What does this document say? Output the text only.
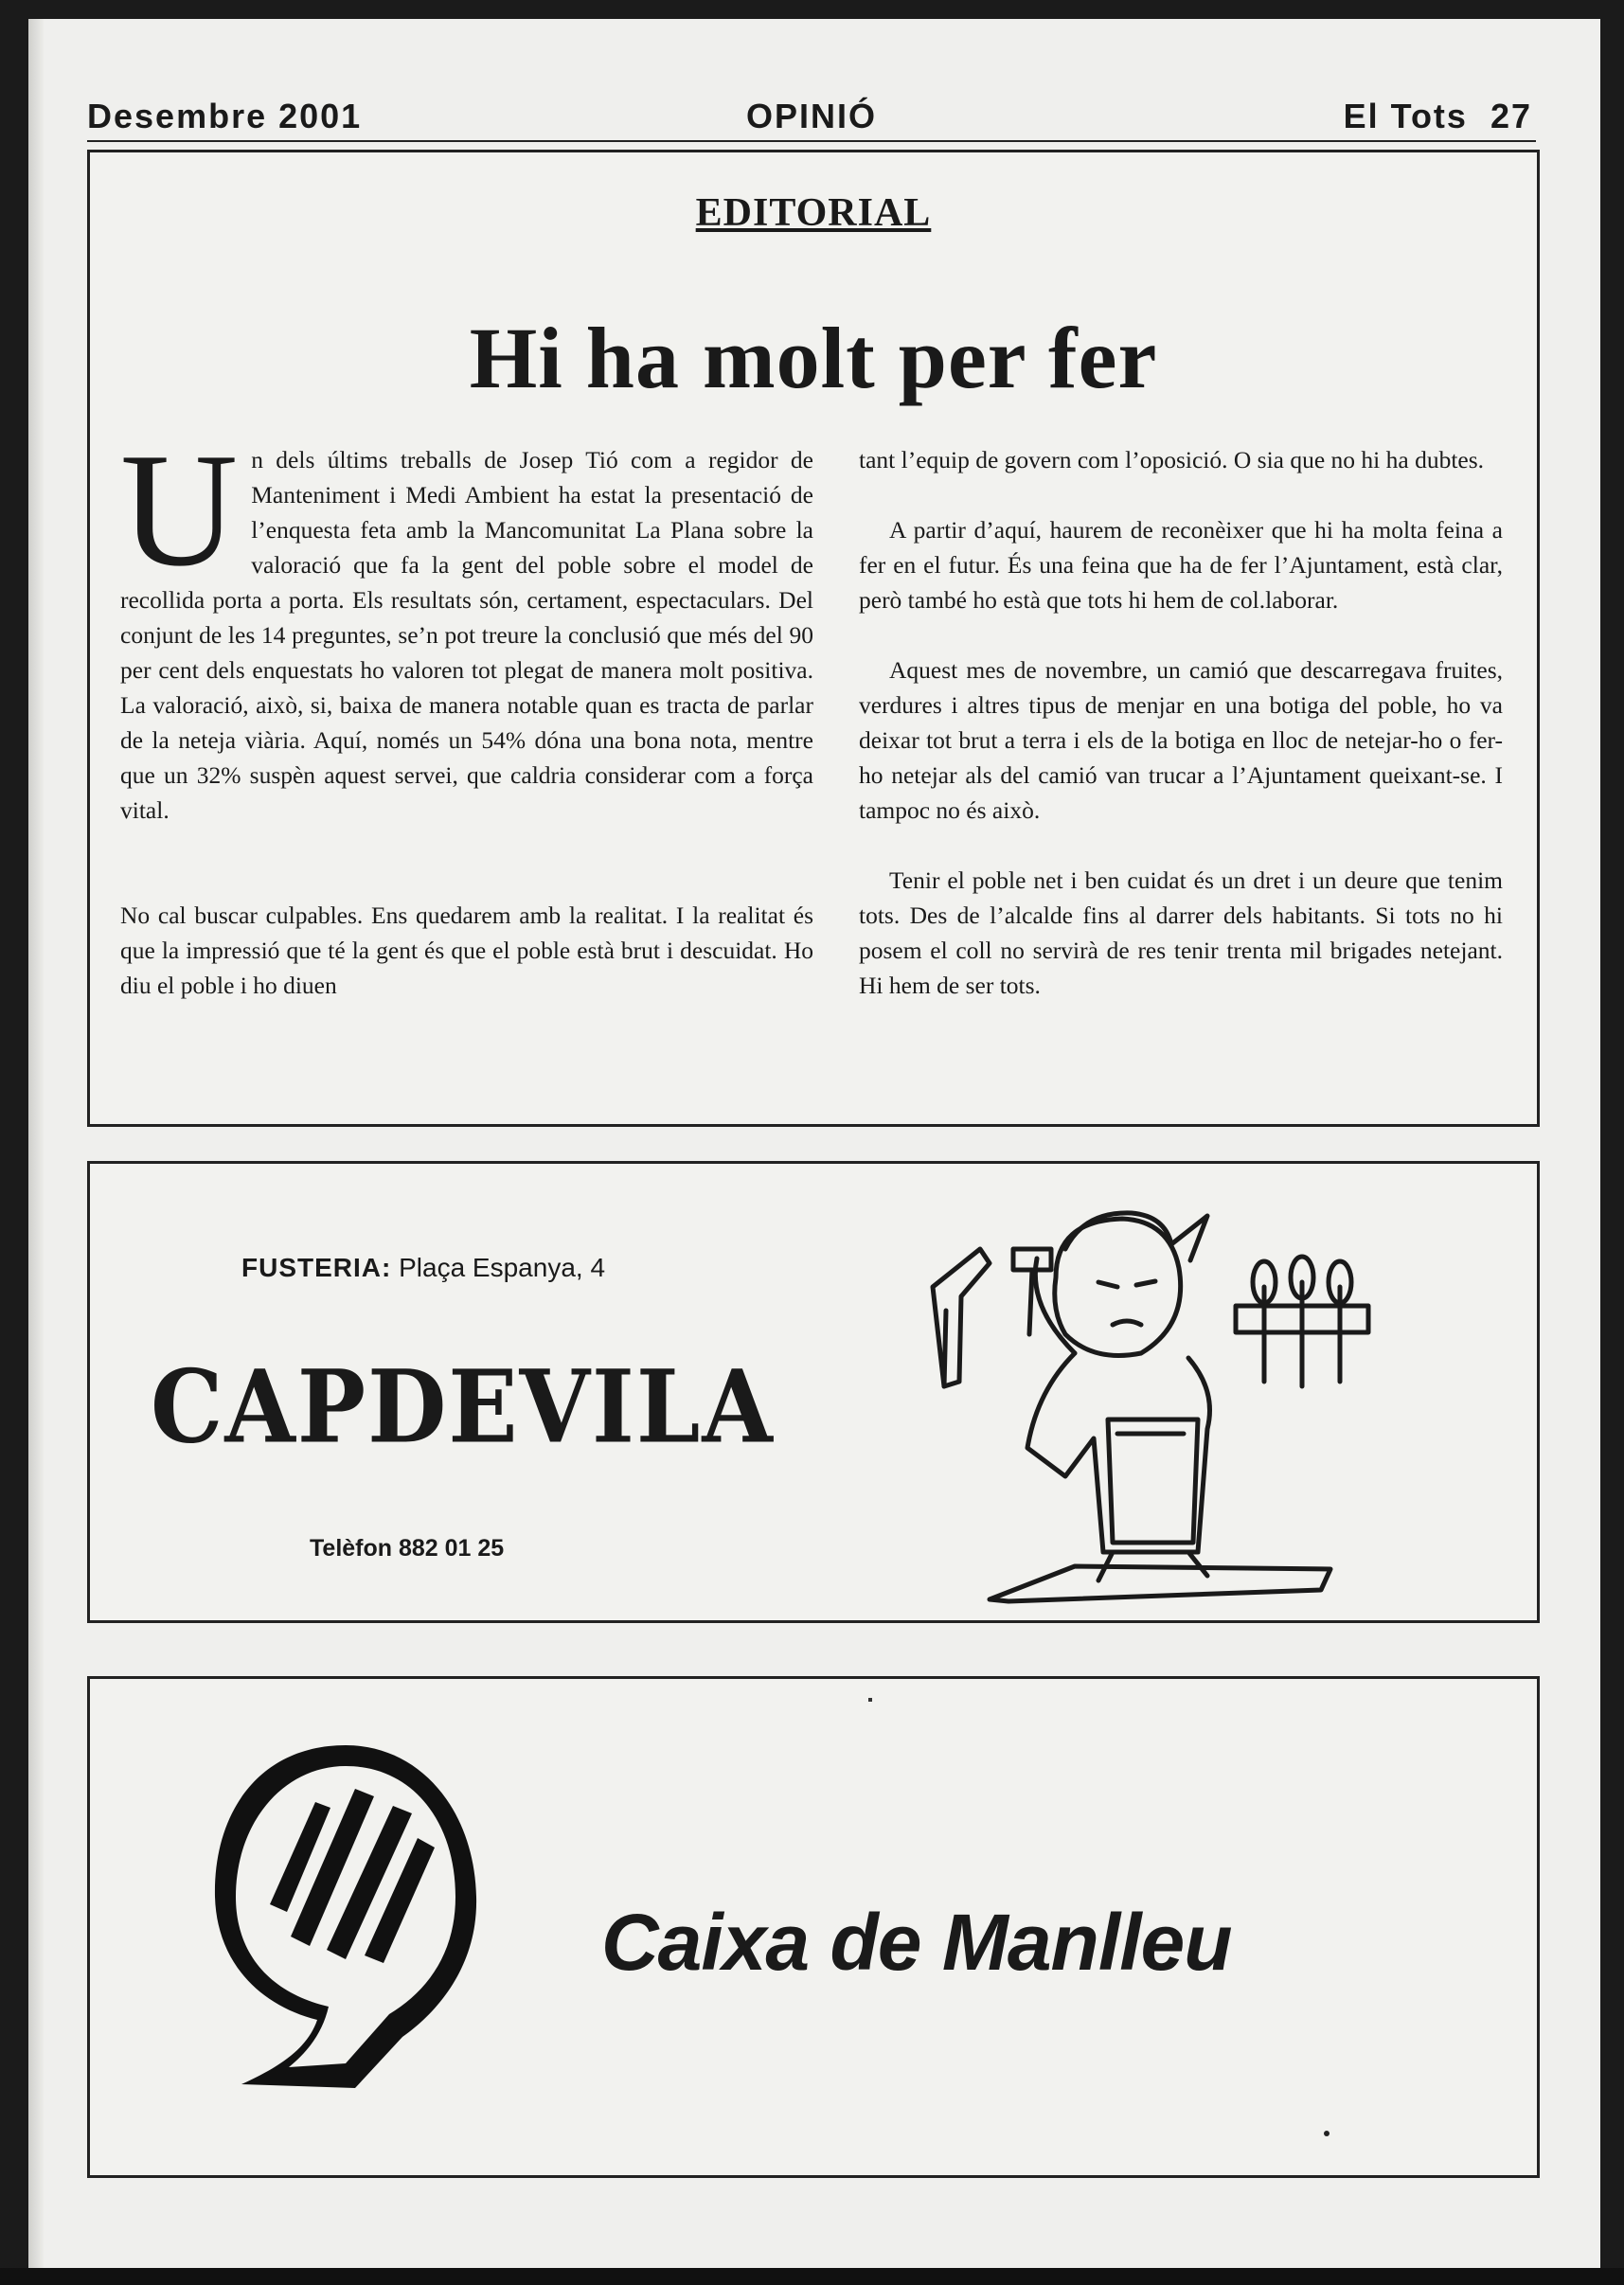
Desembre 2001	OPINIÓ	El Tots  27
EDITORIAL
Hi ha molt per fer

Un dels últims treballs de Josep Tió com a regidor de Manteniment i Medi Ambient ha estat la presentació de l’enquesta feta amb la Mancomunitat La Plana sobre la valoració que fa la gent del poble sobre el model de recollida porta a porta. Els resultats són, certament, espectaculars. Del conjunt de les 14 preguntes, se’n pot treure la conclusió que més del 90 per cent dels enquestats ho valoren tot plegat de manera molt positiva. La valoració, això, si, baixa de manera notable quan es tracta de parlar de la neteja viària. Aquí, només un 54% dóna una bona nota, mentre que un 32% suspèn aquest servei, que caldria considerar com a força vital.

No cal buscar culpables. Ens quedarem amb la realitat. I la realitat és que la impressió que té la gent és que el poble està brut i descuidat. Ho diu el poble i ho diuen

tant l’equip de govern com l’oposició. O sia que no hi ha dubtes.

A partir d’aquí, haurem de reconèixer que hi ha molta feina a fer en el futur. És una feina que ha de fer l’Ajuntament, està clar, però també ho està que tots hi hem de col.laborar.

Aquest mes de novembre, un camió que descarregava fruites, verdures i altres tipus de menjar en una botiga del poble, ho va deixar tot brut a terra i els de la botiga en lloc de netejar-ho o fer-ho netejar als del camió van trucar a l’Ajuntament queixant-se. I tampoc no és això.

Tenir el poble net i ben cuidat és un dret i un deure que tenim tots. Des de l’alcalde fins al darrer dels habitants. Si tots no hi posem el coll no servirà de res tenir trenta mil brigades netejant. Hi hem de ser tots.

FUSTERIA: Plaça Espanya, 4
CAPDEVILA
Telèfon 882 01 25
Caixa de Manlleu
